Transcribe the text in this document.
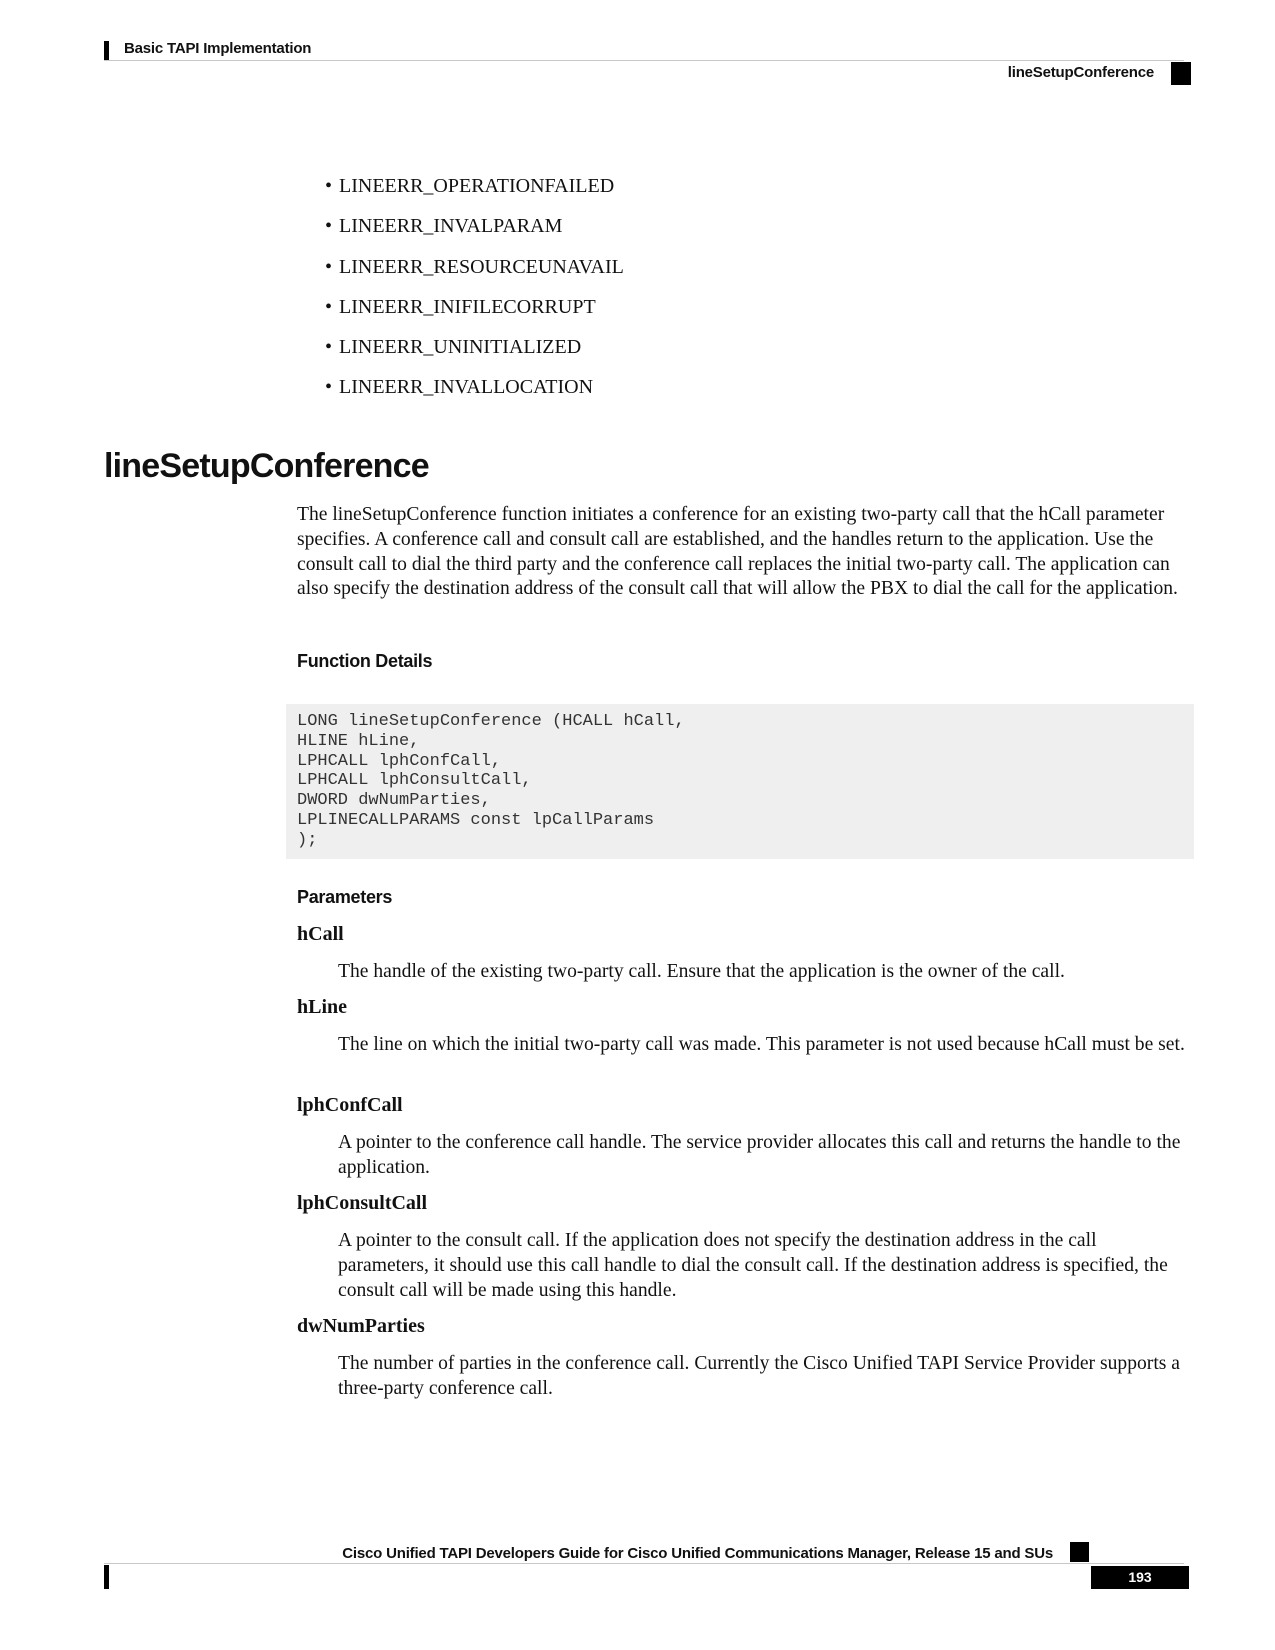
Basic TAPI Implementation
lineSetupConference
• LINEERR_OPERATIONFAILED
• LINEERR_INVALPARAM
• LINEERR_RESOURCEUNAVAIL
• LINEERR_INIFILECORRUPT
• LINEERR_UNINITIALIZED
• LINEERR_INVALLOCATION
lineSetupConference

The lineSetupConference function initiates a conference for an existing two-party call that the hCall parameter specifies. A conference call and consult call are established, and the handles return to the application. Use the consult call to dial the third party and the conference call replaces the initial two-party call. The application can also specify the destination address of the consult call that will allow the PBX to dial the call for the application.

Function Details
LONG lineSetupConference (HCALL hCall,
HLINE hLine,
LPHCALL lphConfCall,
LPHCALL lphConsultCall,
DWORD dwNumParties,
LPLINECALLPARAMS const lpCallParams
);
Parameters

hCall

The handle of the existing two-party call. Ensure that the application is the owner of the call.

hLine

The line on which the initial two-party call was made. This parameter is not used because hCall must be set.

lphConfCall

A pointer to the conference call handle. The service provider allocates this call and returns the handle to the application.

lphConsultCall

A pointer to the consult call. If the application does not specify the destination address in the call parameters, it should use this call handle to dial the consult call. If the destination address is specified, the consult call will be made using this handle.

dwNumParties

The number of parties in the conference call. Currently the Cisco Unified TAPI Service Provider supports a three-party conference call.

Cisco Unified TAPI Developers Guide for Cisco Unified Communications Manager, Release 15 and SUs
193
